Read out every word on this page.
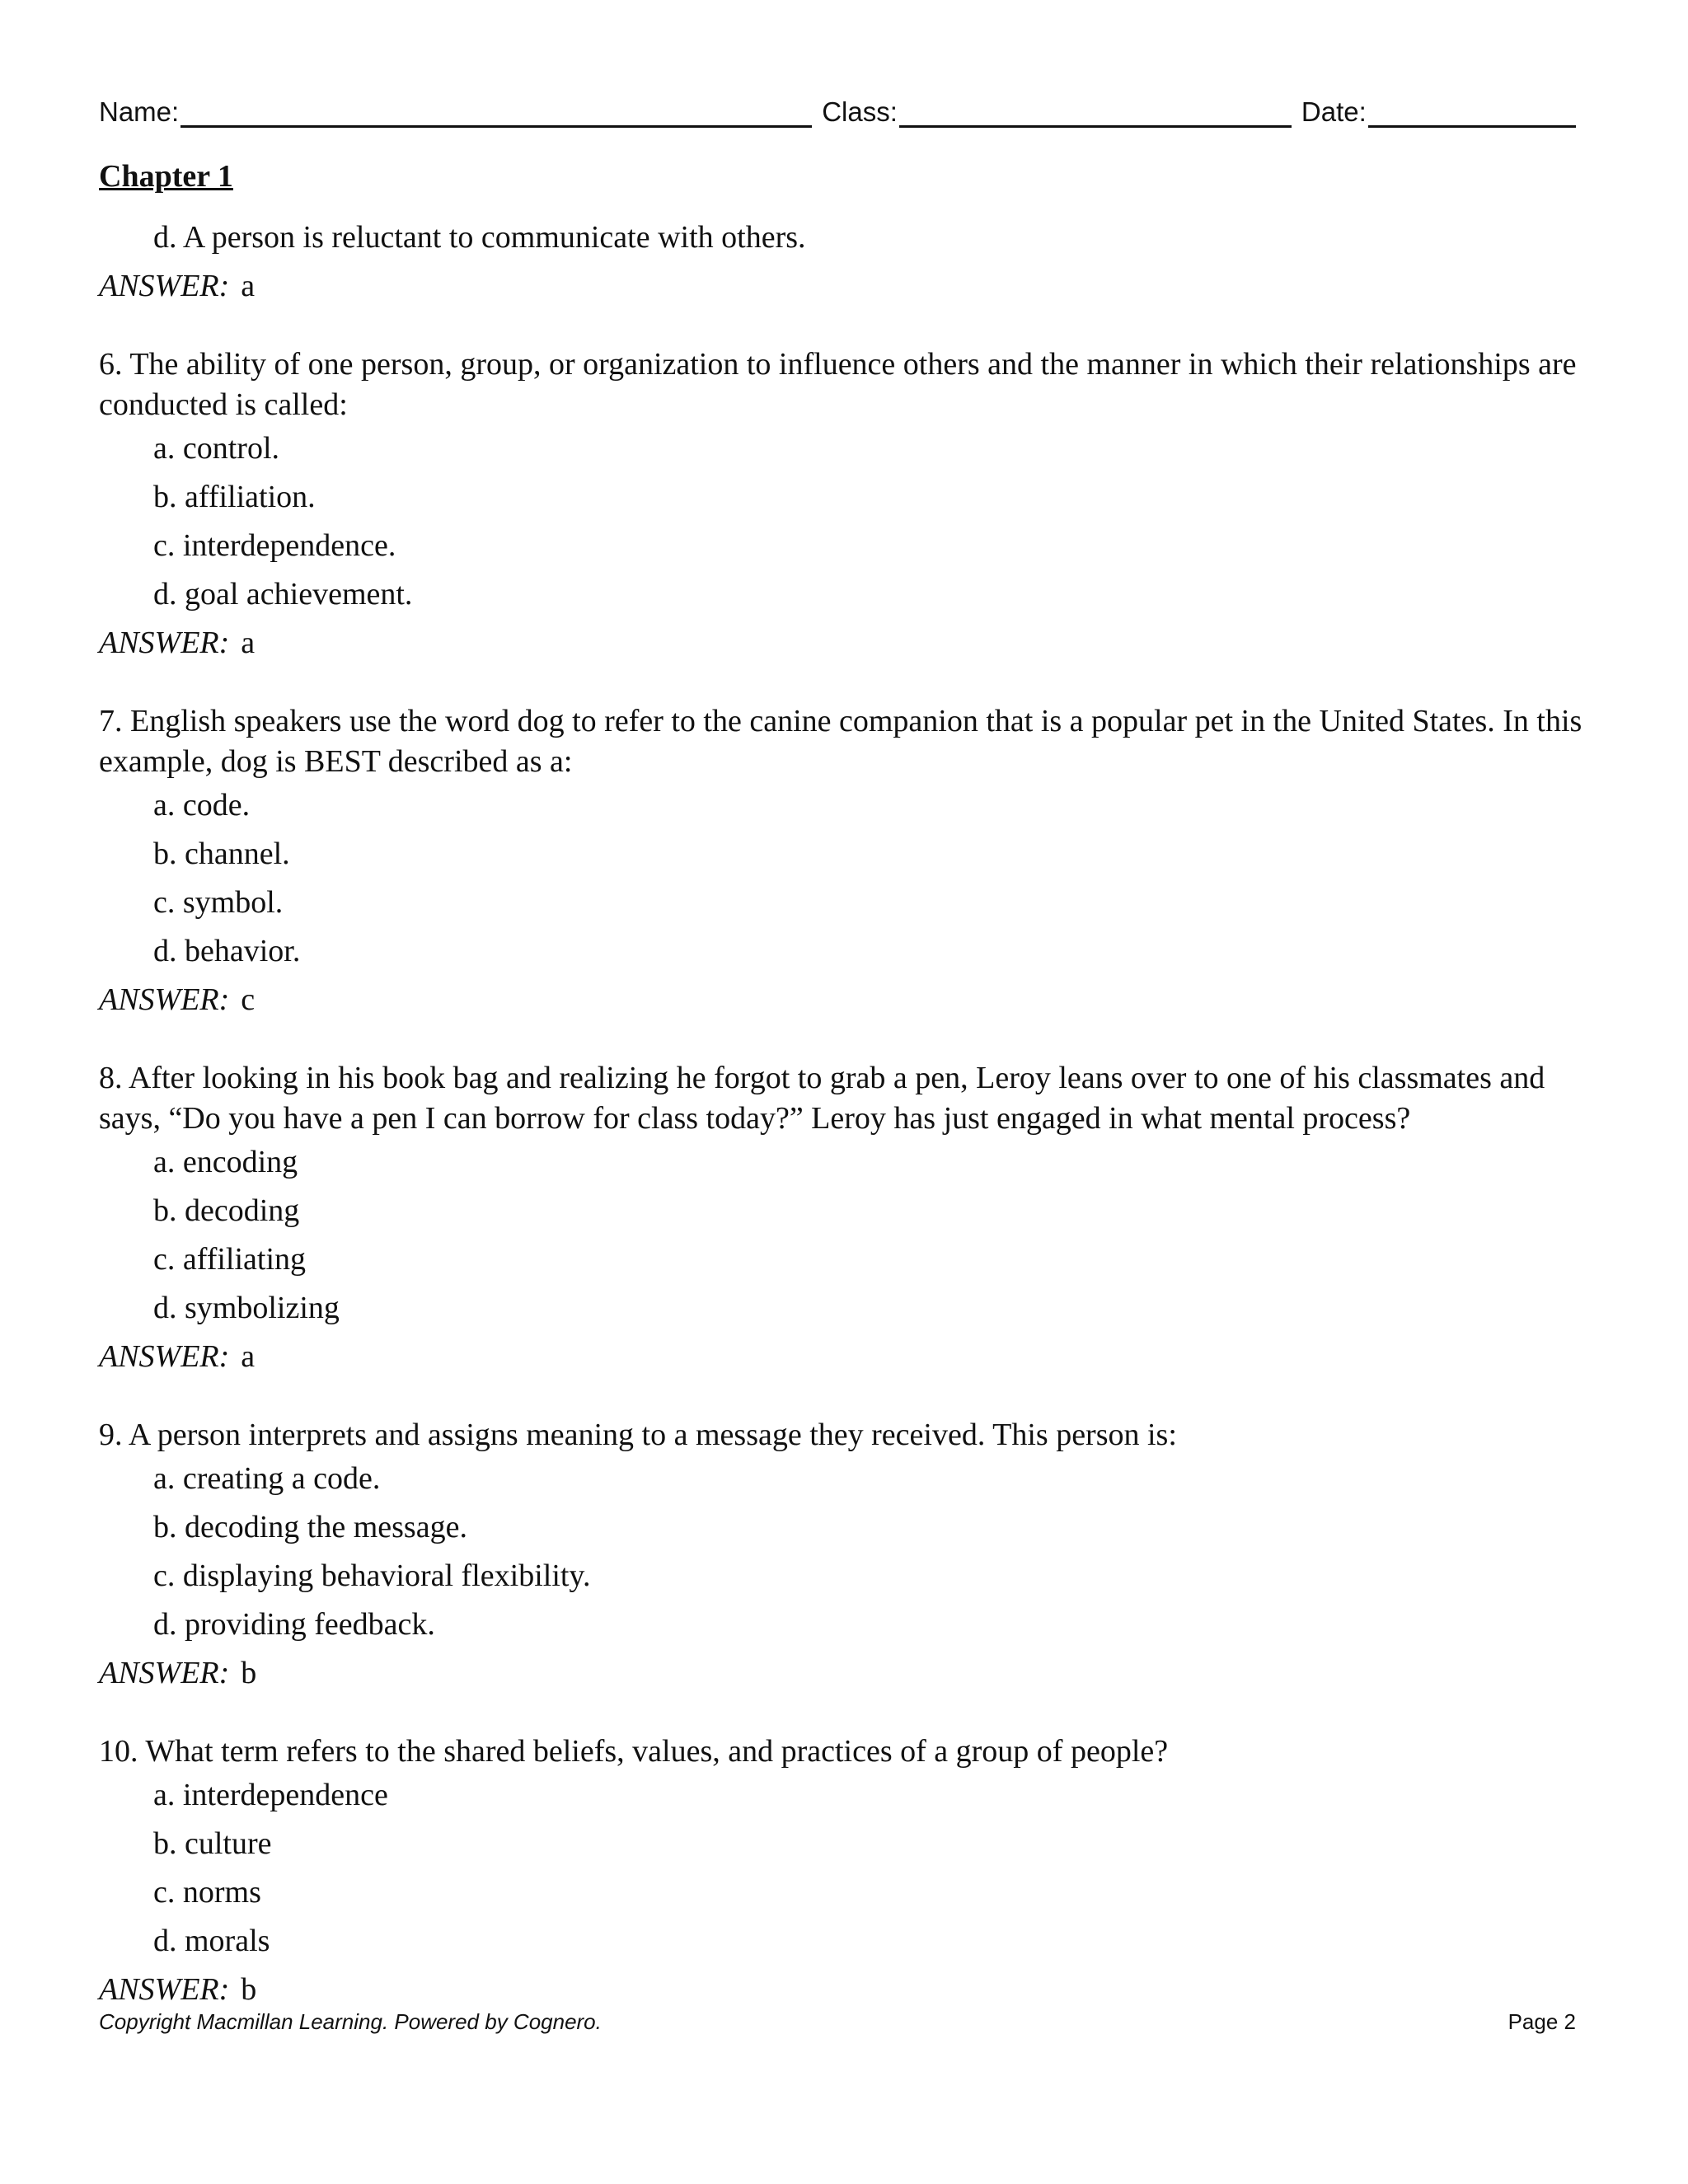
Name:	Class:	Date:
Chapter 1
d. A person is reluctant to communicate with others.
ANSWER: a

6. The ability of one person, group, or organization to influence others and the manner in which their relationships are conducted is called:

a. control.
b. affiliation.
c. interdependence.
d. goal achievement.
ANSWER: a

7. English speakers use the word dog to refer to the canine companion that is a popular pet in the United States. In this example, dog is BEST described as a:

a. code.
b. channel.
c. symbol.
d. behavior.
ANSWER: c

8. After looking in his book bag and realizing he forgot to grab a pen, Leroy leans over to one of his classmates and says, “Do you have a pen I can borrow for class today?” Leroy has just engaged in what mental process?

a. encoding
b. decoding
c. affiliating
d. symbolizing
ANSWER: a

9. A person interprets and assigns meaning to a message they received. This person is:

a. creating a code.
b. decoding the message.
c. displaying behavioral flexibility.
d. providing feedback.
ANSWER: b

10. What term refers to the shared beliefs, values, and practices of a group of people?

a. interdependence
b. culture
c. norms
d. morals
ANSWER: b
Copyright Macmillan Learning. Powered by Cognero.	Page 2
